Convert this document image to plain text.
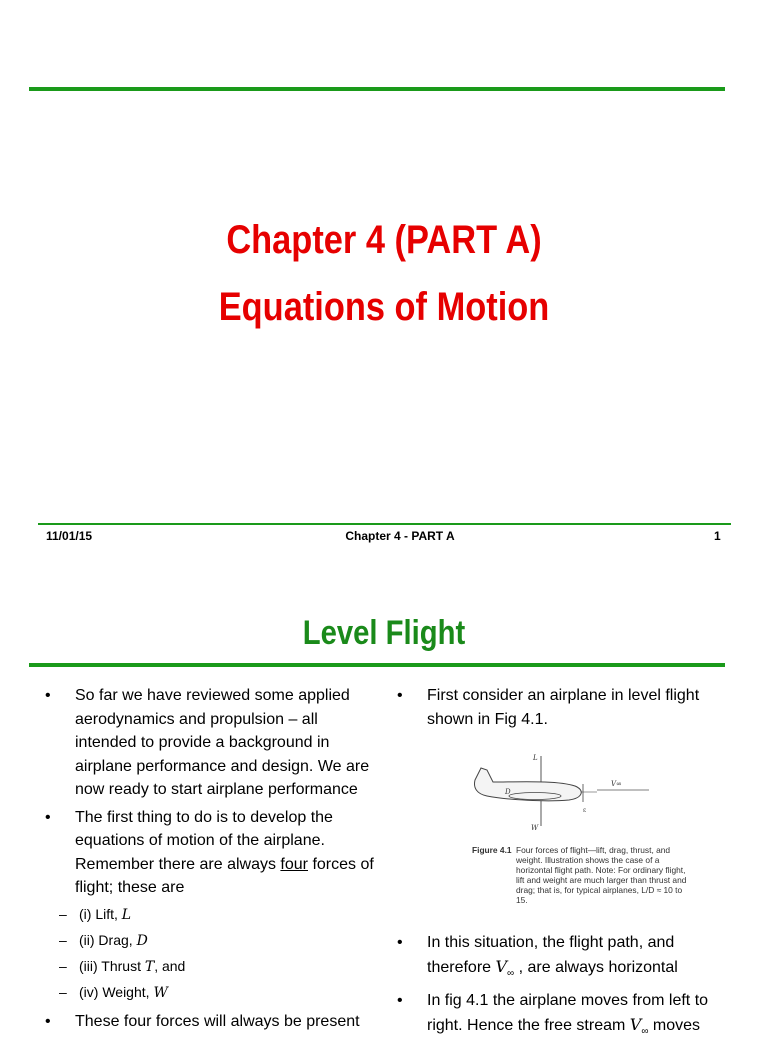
Chapter 4 (PART A)
Equations of Motion
11/01/15	Chapter 4 - PART A	1
Level Flight
• So far we have reviewed some applied aerodynamics and propulsion – all intended to provide a background in airplane performance and design. We are now ready to start airplane performance
• The first thing to do is to develop the equations of motion of the airplane. Remember there are always four forces of flight; these are
– (i) Lift, L
– (ii) Drag, D
– (iii) Thrust T, and
– (iv) Weight, W
• These four forces will always be present
• First consider an airplane in level flight shown in Fig 4.1.
L
W
D
V∞
ε
Figure 4.1 Four forces of flight—lift, drag, thrust, and weight. Illustration shows the case of a horizontal flight path. Note: For ordinary flight, lift and weight are much larger than thrust and drag; that is, for typical airplanes, L/D ≈ 10 to 15.
• In this situation, the flight path, and therefore $V_\infty$ , are always horizontal
• In fig 4.1 the airplane moves from left to right. Hence the free stream $V_\infty$ moves
